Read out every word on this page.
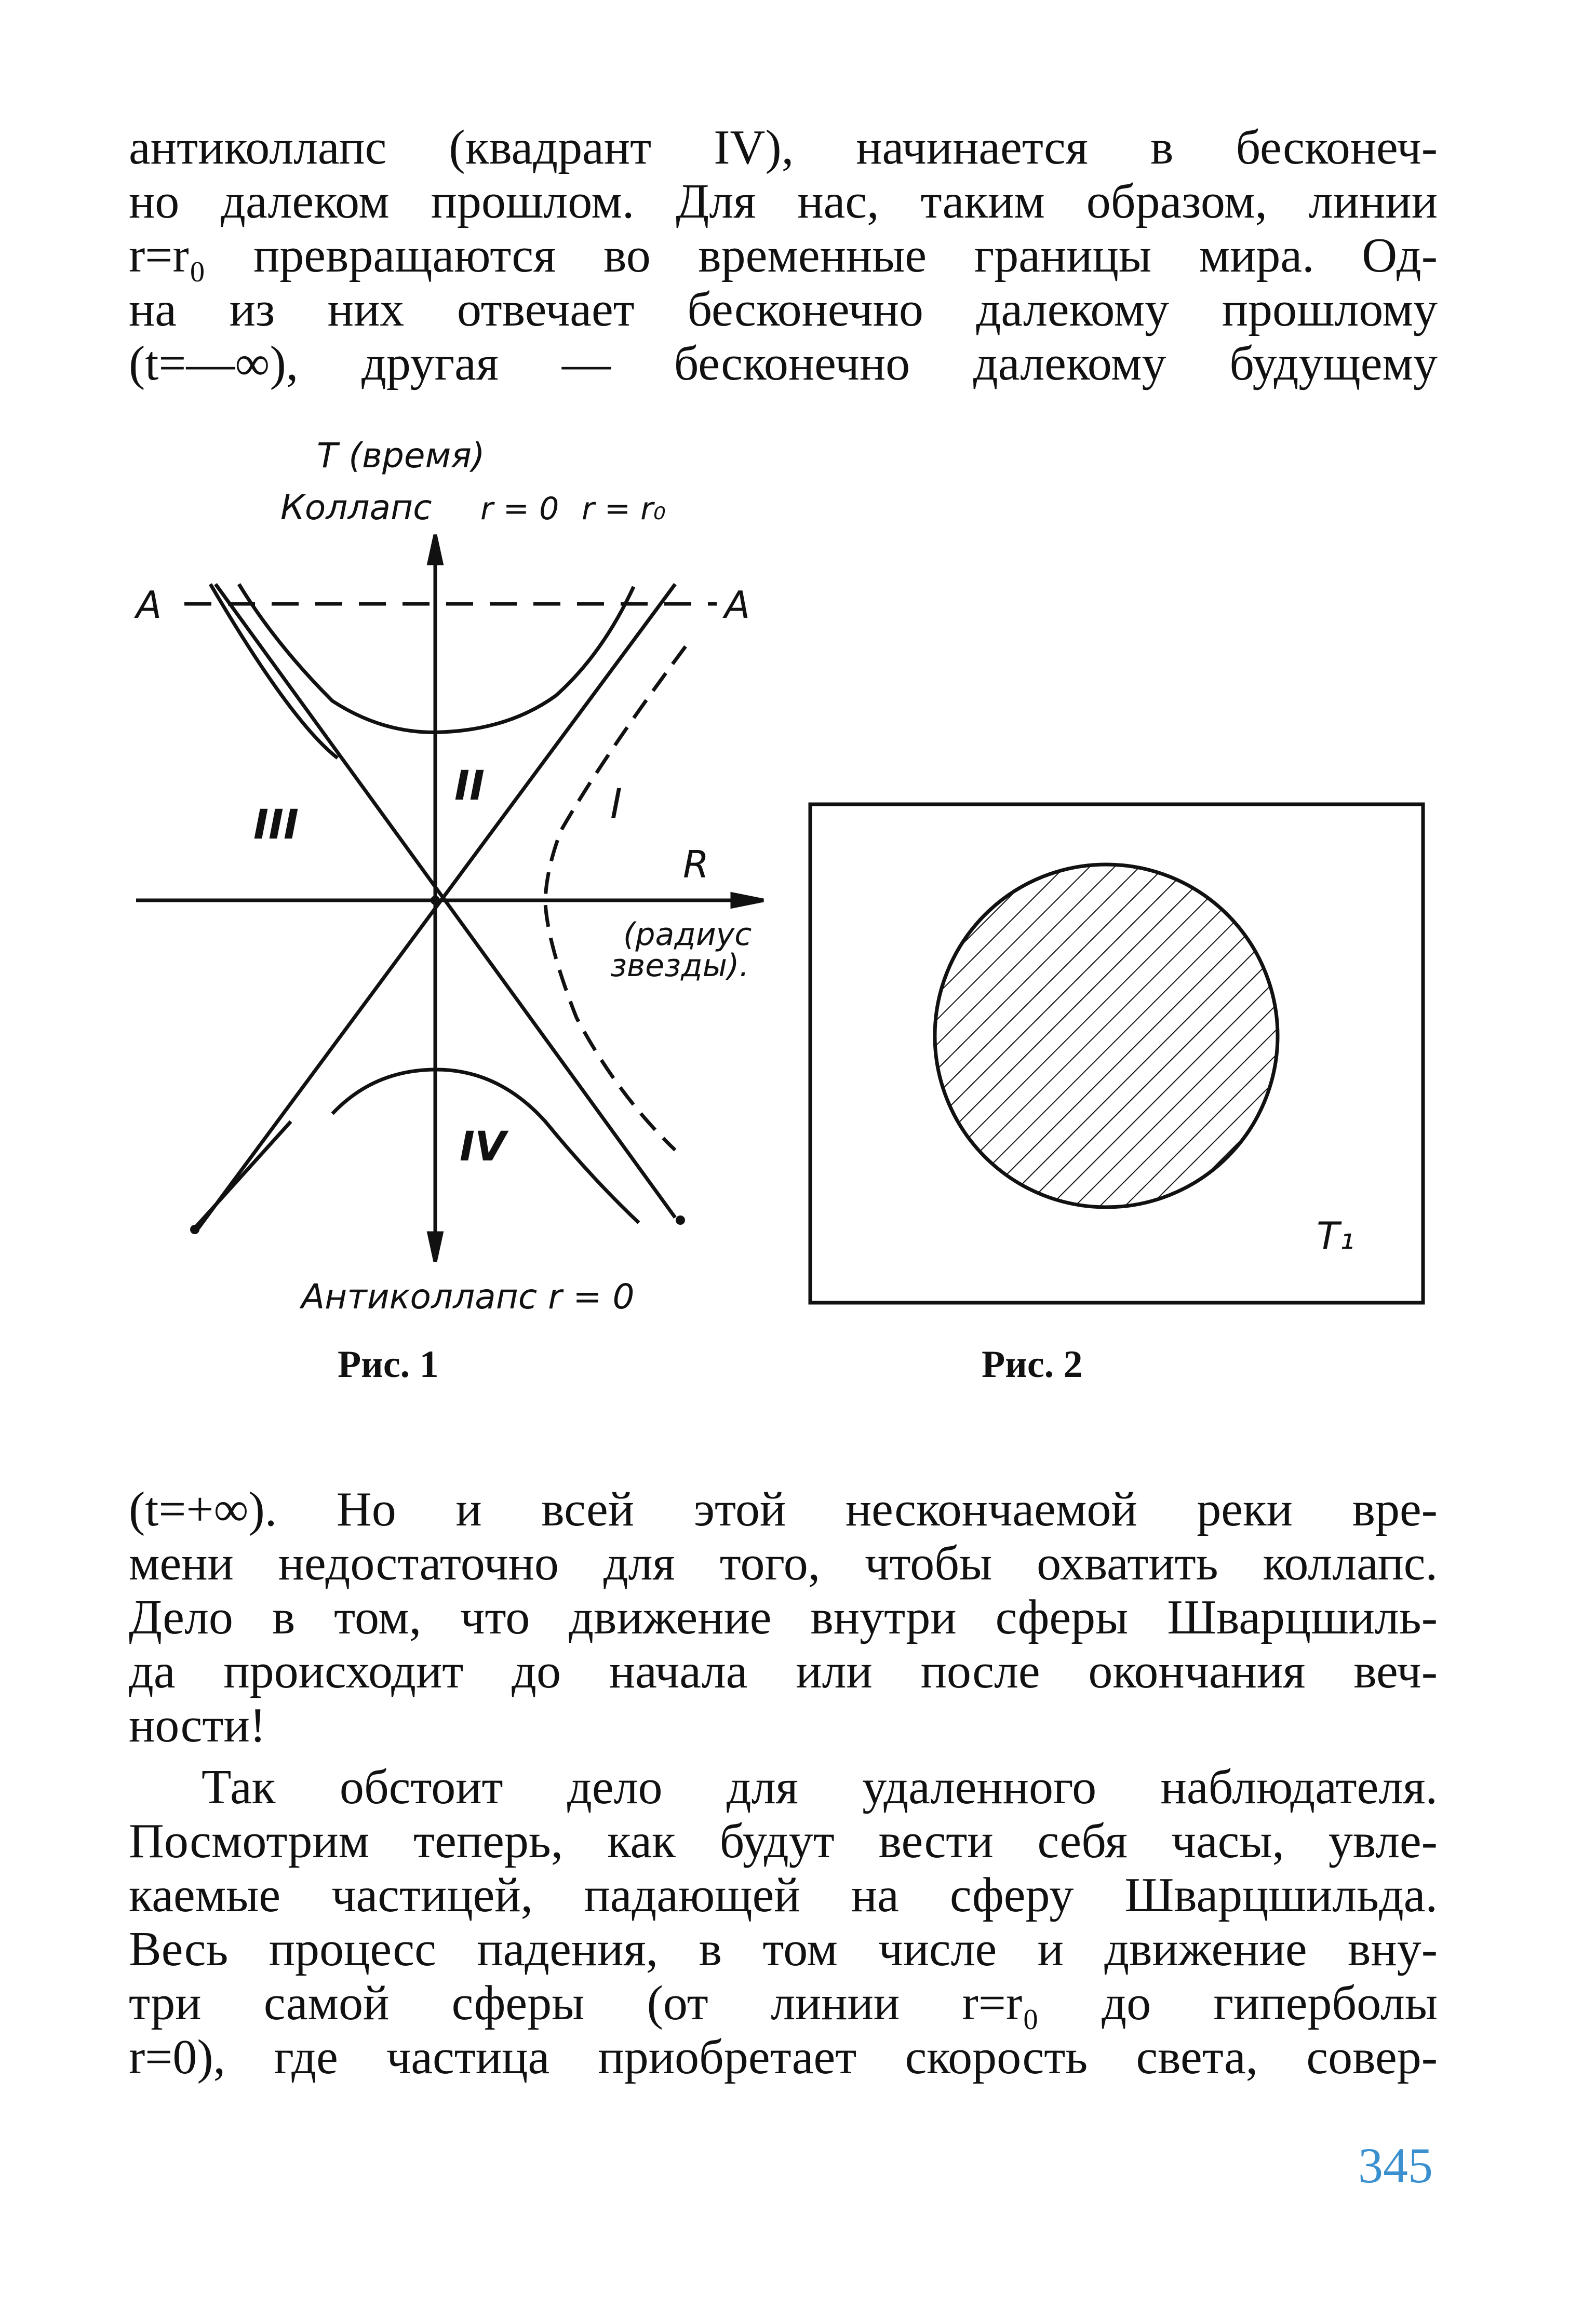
антиколлапс (квадрант IV), начинается в бесконеч-
но далеком прошлом. Для нас, таким образом, линии
r=r₀ превращаются во временные границы мира. Од-
на из них отвечает бесконечно далекому прошлому
(t=—∞), другая — бесконечно далекому будущему
T (время)
Коллапс r = 0 r = r₀
A	A
II
III	I
IV
R
(радиус
звезды).
Антиколлапс r = 0
Рис. 1
T₁
Рис. 2
(t=+∞). Но и всей этой нескончаемой реки вре-
мени недостаточно для того, чтобы охватить коллапс.
Дело в том, что движение внутри сферы Шварцшиль-
да происходит до начала или после окончания веч-
ности!
Так обстоит дело для удаленного наблюдателя.
Посмотрим теперь, как будут вести себя часы, увле-
каемые частицей, падающей на сферу Шварцшильда.
Весь процесс падения, в том числе и движение вну-
три самой сферы (от линии r=r₀ до гиперболы
r=0), где частица приобретает скорость света, совер-
345
